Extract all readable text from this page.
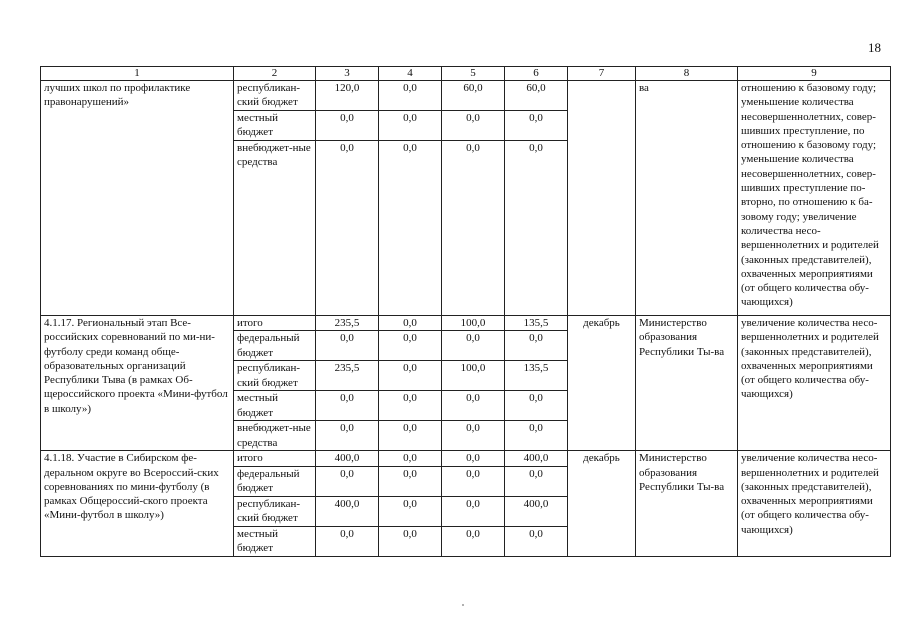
18
1	2	3	4	5	6	7	8	9
лучших школ по профилактике правонарушений»	республикан-ский бюджет	120,0	0,0	60,0	60,0		ва	отношению к базовому году; уменьшение количества несовершеннолетних, совер-шивших преступление, по отношению к базовому году; уменьшение количества несовершеннолетних, совер-шивших преступление по-вторно, по отношению к ба-зовому году; увеличение количества несо-вершеннолетних и родителей (законных представителей), охваченных мероприятиями (от общего количества обу-чающихся)
	местный бюджет	0,0	0,0	0,0	0,0			
	внебюджет-ные средства	0,0	0,0	0,0	0,0			
4.1.17. Региональный этап Все-российских соревнований по ми-ни-футболу среди команд обще-образовательных организаций Республики Тыва (в рамках Об-щероссийского проекта «Мини-футбол в школу»)	итого	235,5	0,0	100,0	135,5	декабрь	Министерство образования Республики Ты-ва	увеличение количества несо-вершеннолетних и родителей (законных представителей), охваченных мероприятиями (от общего количества обу-чающихся)
	федеральный бюджет	0,0	0,0	0,0	0,0			
	республикан-ский бюджет	235,5	0,0	100,0	135,5			
	местный бюджет	0,0	0,0	0,0	0,0			
	внебюджет-ные средства	0,0	0,0	0,0	0,0			
4.1.18. Участие в Сибирском фе-деральном округе во Всероссий-ских соревнованиях по мини-футболу (в рамках Общероссий-ского проекта «Мини-футбол в школу»)	итого	400,0	0,0	0,0	400,0	декабрь	Министерство образования Республики Ты-ва	увеличение количества несо-вершеннолетних и родителей (законных представителей), охваченных мероприятиями (от общего количества обу-чающихся)
	федеральный бюджет	0,0	0,0	0,0	0,0			
	республикан-ский бюджет	400,0	0,0	0,0	400,0			
	местный бюджет	0,0	0,0	0,0	0,0			
